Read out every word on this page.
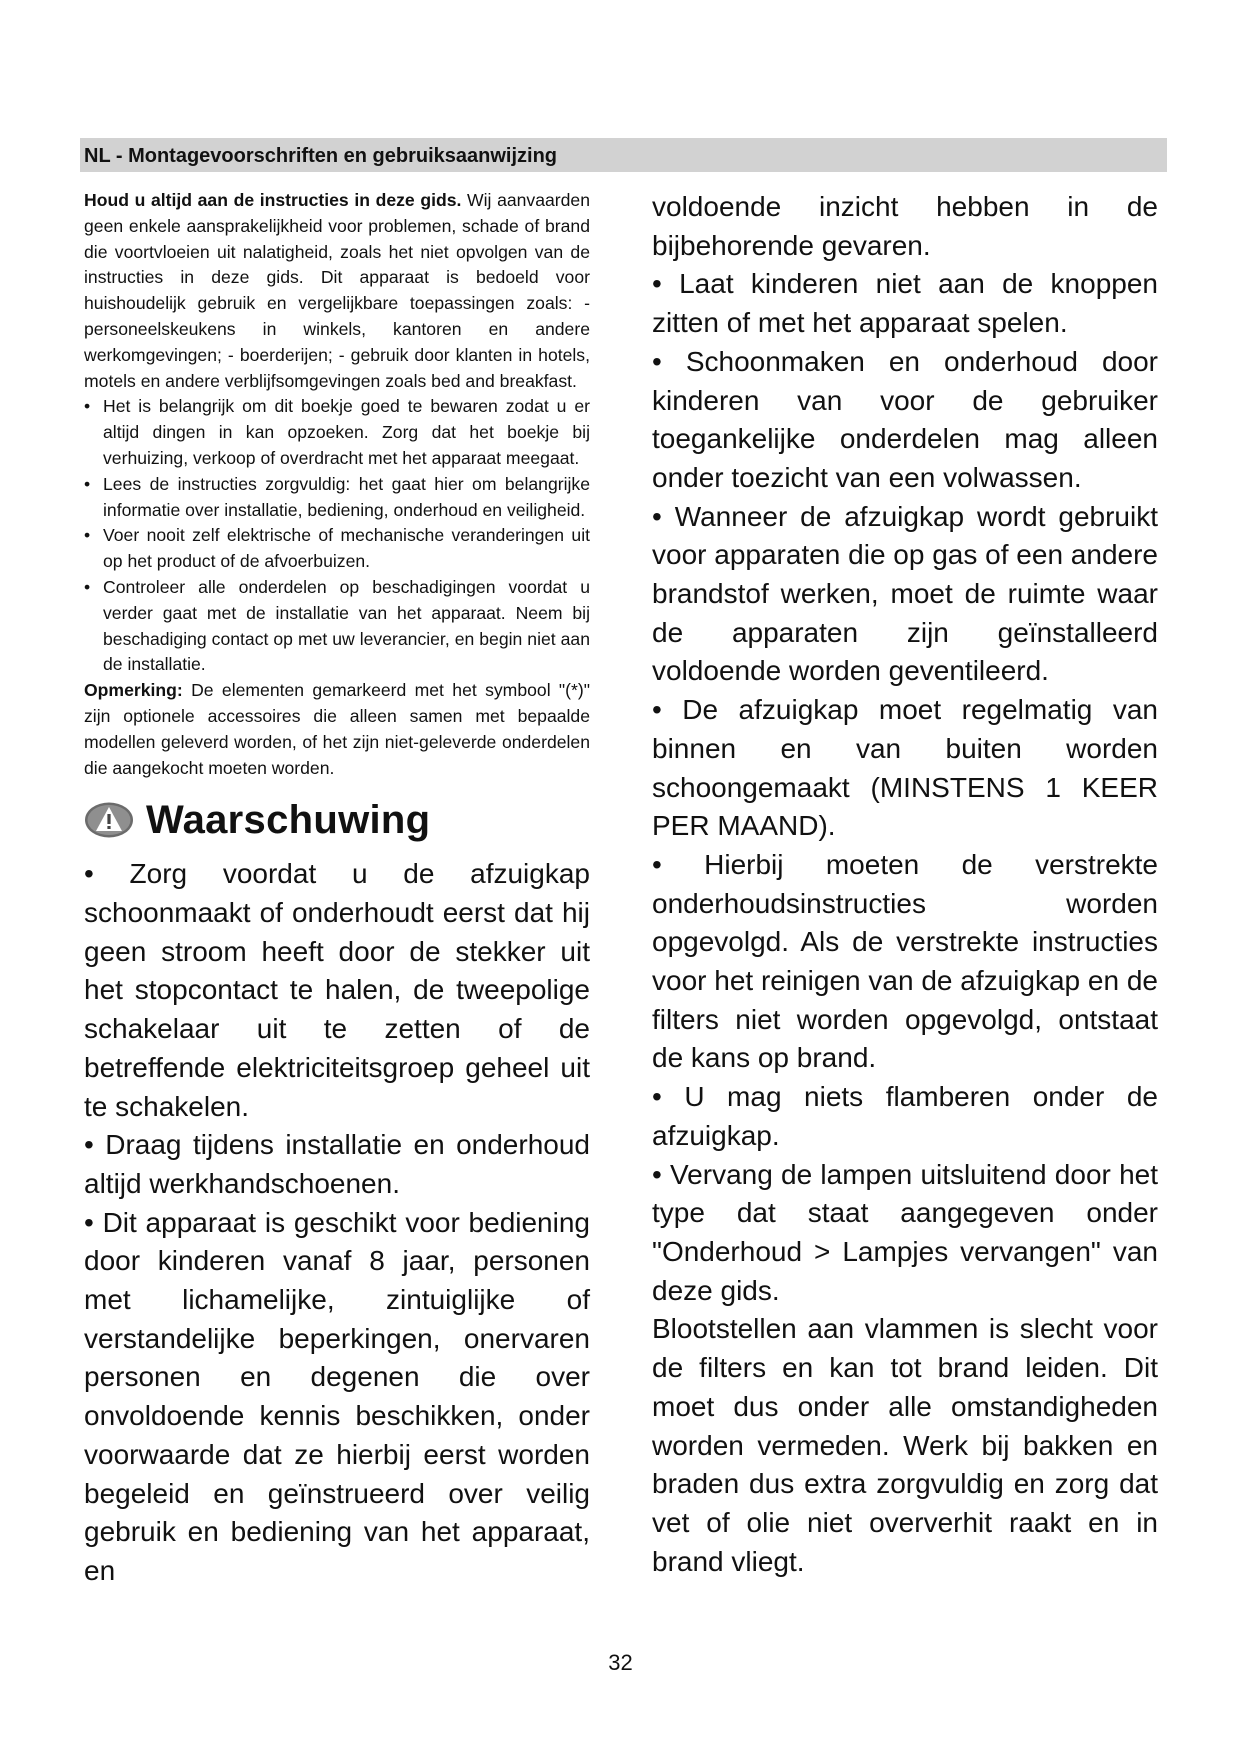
NL - Montagevoorschriften en gebruiksaanwijzing

Houd u altijd aan de instructies in deze gids. Wij aanvaarden geen enkele aansprakelijkheid voor problemen, schade of brand die voortvloeien uit nalatigheid, zoals het niet opvolgen van de instructies in deze gids. Dit apparaat is bedoeld voor huishoudelijk gebruik en vergelijkbare toepassingen zoals: - personeelskeukens in winkels, kantoren en andere werkomgevingen; - boerderijen; - gebruik door klanten in hotels, motels en andere verblijfsomgevingen zoals bed and breakfast.

• Het is belangrijk om dit boekje goed te bewaren zodat u er altijd dingen in kan opzoeken. Zorg dat het boekje bij verhuizing, verkoop of overdracht met het apparaat meegaat.
• Lees de instructies zorgvuldig: het gaat hier om belangrijke informatie over installatie, bediening, onderhoud en veiligheid.
• Voer nooit zelf elektrische of mechanische veranderingen uit op het product of de afvoerbuizen.
• Controleer alle onderdelen op beschadigingen voordat u verder gaat met de installatie van het apparaat. Neem bij beschadiging contact op met uw leverancier, en begin niet aan de installatie.

Opmerking: De elementen gemarkeerd met het symbool "(*)" zijn optionele accessoires die alleen samen met bepaalde modellen geleverd worden, of het zijn niet-geleverde onderdelen die aangekocht moeten worden.

Waarschuwing

• Zorg voordat u de afzuigkap schoonmaakt of onderhoudt eerst dat hij geen stroom heeft door de stekker uit het stopcontact te halen, de tweepolige schakelaar uit te zetten of de betreffende elektriciteitsgroep geheel uit te schakelen.

• Draag tijdens installatie en onderhoud altijd werkhandschoenen.

• Dit apparaat is geschikt voor bediening door kinderen vanaf 8 jaar, personen met lichamelijke, zintuiglijke of verstandelijke beperkingen, onervaren personen en degenen die over onvoldoende kennis beschikken, onder voorwaarde dat ze hierbij eerst worden begeleid en geïnstrueerd over veilig gebruik en bediening van het apparaat, en

voldoende inzicht hebben in de bijbehorende gevaren.

• Laat kinderen niet aan de knoppen zitten of met het apparaat spelen.

• Schoonmaken en onderhoud door kinderen van voor de gebruiker toegankelijke onderdelen mag alleen onder toezicht van een volwassen.

• Wanneer de afzuigkap wordt gebruikt voor apparaten die op gas of een andere brandstof werken, moet de ruimte waar de apparaten zijn geïnstalleerd voldoende worden geventileerd.

• De afzuigkap moet regelmatig van binnen en van buiten worden schoongemaakt (MINSTENS 1 KEER PER MAAND).

• Hierbij moeten de verstrekte onderhoudsinstructies worden opgevolgd. Als de verstrekte instructies voor het reinigen van de afzuigkap en de filters niet worden opgevolgd, ontstaat de kans op brand.

• U mag niets flamberen onder de afzuigkap.

• Vervang de lampen uitsluitend door het type dat staat aangegeven onder "Onderhoud > Lampjes vervangen" van deze gids.

Blootstellen aan vlammen is slecht voor de filters en kan tot brand leiden. Dit moet dus onder alle omstandigheden worden vermeden. Werk bij bakken en braden dus extra zorgvuldig en zorg dat vet of olie niet oververhit raakt en in brand vliegt.

32
